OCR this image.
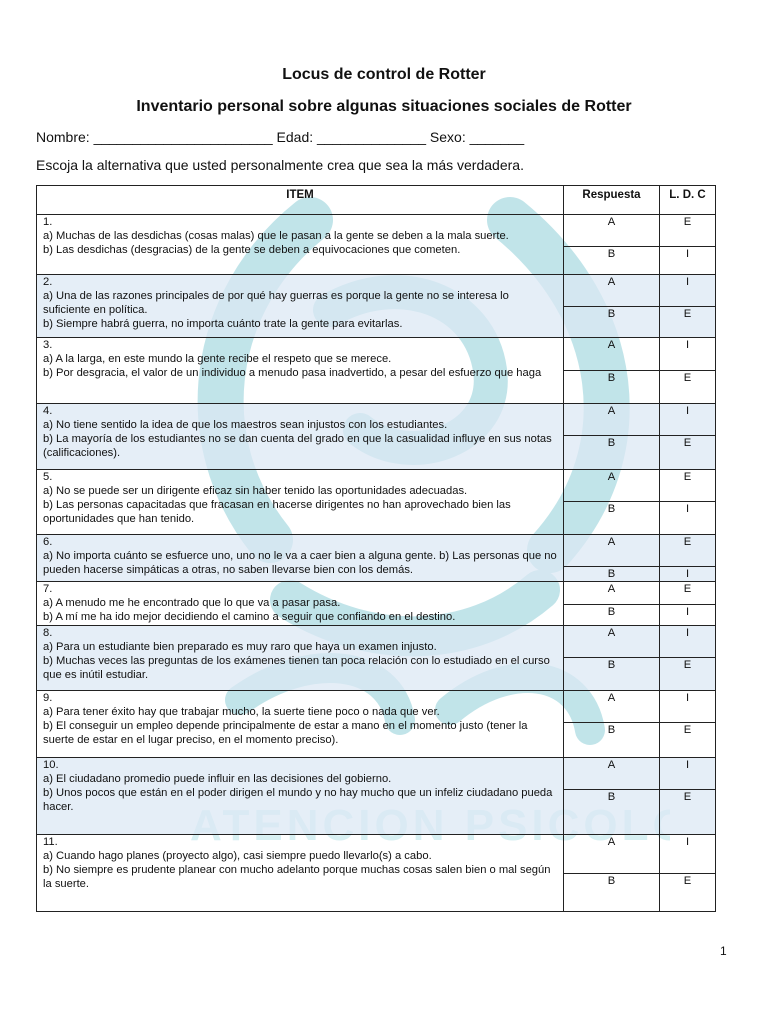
Locus de control de Rotter
Inventario personal sobre algunas situaciones sociales de Rotter
Nombre: _______________________ Edad: ______________ Sexo: _______
Escoja la alternativa que usted personalmente crea que sea la más verdadera.
ITEM	Respuesta	L. D. C

1.
a) Muchas de las desdichas (cosas malas) que le pasan a la gente se deben a la mala suerte.
b) Las desdichas (desgracias) de la gente se deben a equivocaciones que cometen.	A	E
	B	I

2.
a) Una de las razones principales de por qué hay guerras es porque la gente no se interesa lo suficiente en política.
b) Siempre habrá guerra, no importa cuánto trate la gente para evitarlas.	A	I
	B	E

3.
a) A la larga, en este mundo la gente recibe el respeto que se merece.
b) Por desgracia, el valor de un individuo a menudo pasa inadvertido, a pesar del esfuerzo que haga	A	I
	B	E

4.
a) No tiene sentido la idea de que los maestros sean injustos con los estudiantes.
b) La mayoría de los estudiantes no se dan cuenta del grado en que la casualidad influye en sus notas (calificaciones).	A	I
	B	E

5.
a) No se puede ser un dirigente eficaz sin haber tenido las oportunidades adecuadas.
b) Las personas capacitadas que fracasan en hacerse dirigentes no han aprovechado bien las oportunidades que han tenido.	A	E
	B	I

6.
a) No importa cuánto se esfuerce uno, uno no le va a caer bien a alguna gente. b) Las personas que no pueden hacerse simpáticas a otras, no saben llevarse bien con los demás.	A	E
	B	I

7.
a) A menudo me he encontrado que lo que va a pasar pasa.
b) A mí me ha ido mejor decidiendo el camino a seguir que confiando en el destino.	A	E
	B	I

8.
a) Para un estudiante bien preparado es muy raro que haya un examen injusto.
b) Muchas veces las preguntas de los exámenes tienen tan poca relación con lo estudiado en el curso que es inútil estudiar.	A	I
	B	E

9.
a) Para tener éxito hay que trabajar mucho, la suerte tiene poco o nada que ver.
b) El conseguir un empleo depende principalmente de estar a mano en el momento justo (tener la suerte de estar en el lugar preciso, en el momento preciso).	A	I
	B	E

10.
a) El ciudadano promedio puede influir en las decisiones del gobierno.
b) Unos pocos que están en el poder dirigen el mundo y no hay mucho que un infeliz ciudadano pueda hacer.	A	I
	B	E

11.
a) Cuando hago planes (proyecto algo), casi siempre puedo llevarlo(s) a cabo.
b) No siempre es prudente planear con mucho adelanto porque muchas cosas salen bien o mal según la suerte.	A	I
	B	E
1
